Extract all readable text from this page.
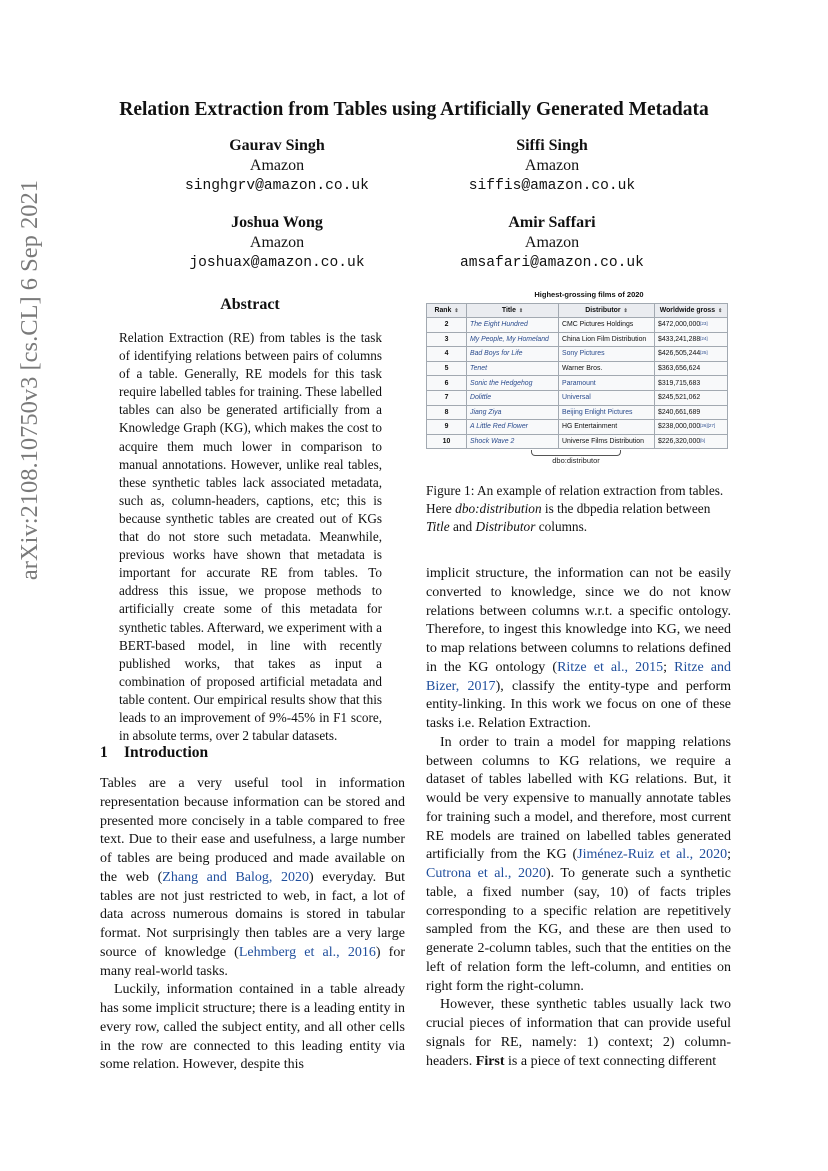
arXiv:2108.10750v3 [cs.CL] 6 Sep 2021
Relation Extraction from Tables using Artificially Generated Metadata
Gaurav Singh
Amazon
singhgrv@amazon.co.uk
Siffi Singh
Amazon
siffis@amazon.co.uk
Joshua Wong
Amazon
joshuax@amazon.co.uk
Amir Saffari
Amazon
amsafari@amazon.co.uk
Abstract

Relation Extraction (RE) from tables is the task of identifying relations between pairs of columns of a table. Generally, RE models for this task require labelled tables for training. These labelled tables can also be generated artificially from a Knowledge Graph (KG), which makes the cost to acquire them much lower in comparison to manual annotations. However, unlike real tables, these synthetic tables lack associated metadata, such as, column-headers, captions, etc; this is because synthetic tables are created out of KGs that do not store such metadata. Meanwhile, previous works have shown that metadata is important for accurate RE from tables. To address this issue, we propose methods to artificially create some of this metadata for synthetic tables. Afterward, we experiment with a BERT-based model, in line with recently published works, that takes as input a combination of proposed artificial metadata and table content. Our empirical results show that this leads to an improvement of 9%-45% in F1 score, in absolute terms, over 2 tabular datasets.

1 Introduction

Tables are a very useful tool in information representation because information can be stored and presented more concisely in a table compared to free text. Due to their ease and usefulness, a large number of tables are being produced and made available on the web (Zhang and Balog, 2020) everyday. But tables are not just restricted to web, in fact, a lot of data across numerous domains is stored in tabular format. Not surprisingly then tables are a very large source of knowledge (Lehmberg et al., 2016) for many real-world tasks.

Luckily, information contained in a table already has some implicit structure; there is a leading entity in every row, called the subject entity, and all other cells in the row are connected to this leading entity via some relation. However, despite this

Highest-grossing films of 2020
Rank ⇕	Title ⇕	Distributor ⇕	Worldwide gross ⇕
2	The Eight Hundred	CMC Pictures Holdings	$472,000,000[23]
3	My People, My Homeland	China Lion Film Distribution	$433,241,288[24]
4	Bad Boys for Life	Sony Pictures	$426,505,244[25]
5	Tenet	Warner Bros.	$363,656,624
6	Sonic the Hedgehog	Paramount	$319,715,683
7	Dolittle	Universal	$245,521,062
8	Jiang Ziya	Beijing Enlight Pictures	$240,661,689
9	A Little Red Flower	HG Entertainment	$238,000,000[26][27]
10	Shock Wave 2	Universe Films Distribution	$226,320,000[b]
dbo:distributor

Figure 1: An example of relation extraction from tables. Here dbo:distribution is the dbpedia relation between Title and Distributor columns.

implicit structure, the information can not be easily converted to knowledge, since we do not know relations between columns w.r.t. a specific ontology. Therefore, to ingest this knowledge into KG, we need to map relations between columns to relations defined in the KG ontology (Ritze et al., 2015; Ritze and Bizer, 2017), classify the entity-type and perform entity-linking. In this work we focus on one of these tasks i.e. Relation Extraction.

In order to train a model for mapping relations between columns to KG relations, we require a dataset of tables labelled with KG relations. But, it would be very expensive to manually annotate tables for training such a model, and therefore, most current RE models are trained on labelled tables generated artificially from the KG (Jiménez-Ruiz et al., 2020; Cutrona et al., 2020). To generate such a synthetic table, a fixed number (say, 10) of facts triples corresponding to a specific relation are repetitively sampled from the KG, and these are then used to generate 2-column tables, such that the entities on the left of relation form the left-column, and entities on right form the right-column.

However, these synthetic tables usually lack two crucial pieces of information that can provide useful signals for RE, namely: 1) context; 2) column-headers. First is a piece of text connecting different
